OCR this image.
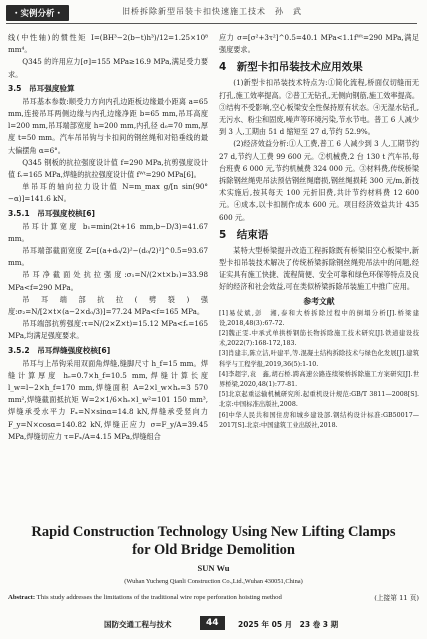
・实例分析・	旧桥拆除新型吊装卡扣快速施工技术　孙　武

线(中性轴)的惯性矩 I=(BH³−2(b−t)h³)/12=1.25×10⁸ mm⁴。

Q345 的许用应力[σ]=155 MPa≥16.9 MPa,满足受力要求。

3.5　吊耳强度验算

吊耳基本参数:顺受力方向内孔边距板边缘最小距离 a=65 mm,连接吊耳两侧边缘与内孔边缘净距 b=65 mm,吊耳高度 l=200 mm,吊耳端部宽度 h=200 mm,内孔径 d₀=70 mm,厚度 t=50 mm。汽车吊吊钩与卡扣间的钢丝绳和对铅垂线的最大偏摆角 α=6°。

Q345 钢板的抗拉强度设计值 f=290 MPa,抗剪强度设计值 fᵥ=165 MPa,焊缝的抗拉强度设计值 fᵂᵗ=290 MPa[6]。

单吊耳的轴向拉力设计值 N=m_max g/[n sin(90°−α)]=141.6 kN。

3.5.1　吊耳强度校核[6]

吊耳计算宽度 b₁=min(2t+16 mm,b−D/3)=41.67 mm。

吊耳端部截面宽度 Z=[(a+d₀/2)²−(d₀/2)²]^0.5=93.67 mm。

吊耳净截面处抗拉强度:σ₁=N/(2×t×b₁)=33.98 MPa<f=290 MPa。

吊耳端部抗拉(劈裂)强度:σ₂=N/[2×t×(a−2×d₀/3)]=77.24 MPa<f=165 MPa。

吊耳端部抗剪强度:τ=N/(2×Z×t)=15.12 MPa<fᵥ=165 MPa,均满足强度要求。

3.5.2　吊耳焊缝强度校核[6]

吊耳与上吊钩采用双面角焊缝,缝脚尺寸 h_f=15 mm。焊缝计算厚度 hₑ=0.7×h_f=10.5 mm,焊缝计算长度 l_w=l−2×h_f=170 mm,焊缝面积 A=2×l_w×hₑ=3 570 mm²,焊缝截面抵抗矩 W=2×1/6×hₑ×l_w²=101 150 mm³,焊缝承受水平力 Fₓ=N×sinα=14.8 kN,焊缝承受竖向力 F_y=N×cosα=140.82 kN,焊缝正应力 σ=F_y/A=39.45 MPa,焊缝切应力 τ=Fₓ/A=4.15 MPa,焊缝组合

应力 σ=[σ²+3τ²]^0.5=40.1 MPa<1.1fᵂᵗ=290 MPa,满足强度要求。

4　新型卡扣吊装技术应用效果

(1)新型卡扣吊装技术特点为:①简化流程,桥面仅切缝而无打孔,施工效率提高。②普工无钻孔,无侧向钢筋,施工效率提高。③结构不受影响,空心板梁安全性保持原有状态。④无湿水钻孔,无污水、粉尘和固废,噪声等环境污染,节水节电。普工 6 人减少到 3 人,工期由 51 d 缩短至 27 d,节约 52.9%。

(2)经济效益分析:①人工费,普工 6 人减少到 3 人,工期节约 27 d,节约人工费 99 600 元。②机械费,2 台 130 t 汽车吊,每台班费 6 000 元,节约机械费 324 000 元。③材料费,传统桥梁拆除钢丝绳兜吊法预估钢丝绳磨损,钢丝绳损耗 300 元/m,新技术实施后,按其每天 100 元折旧费,共计节约材料费 12 600 元。④成本,以卡扣制作成本 600 元。项目经济效益共计 435 600 元。

5　结束语

某特大型桥梁提升改造工程拆除既有桥梁旧空心板梁中,新型卡扣吊装技术解决了传统桥梁拆除钢丝绳兜吊法中的问题,经证实具有施工快捷、流程简便、安全可靠和绿色环保等特点及良好的经济和社会效益,可在类似桥梁拆除吊装施工中推广应用。

参考文献

[1]易仗斌,彭　湘,泰和大桥拆除过程中的倒塌分析[J].桥梁建设,2018,48(3):67-72.

[2]魏正雯.中承式单拱桥钢筋长物拆除施工技术研究[J].铁道建设技术,2022(7):168-172,183.

[3]肖建丰,陈立洁,叶建平,等.混凝土结构拆除技术与绿色化发展[J].建筑科学与工程学报,2019,36(5):1-10.

[4]李超宇,袁　鑫,胡石桥.跨高速公路连续梁桥拆除施工方案研究[J].世界桥梁,2020,48(1):77-81.

[5]北京起重运输机械研究所.起重机设计规范:GB/T 3811—2008[S].北京:中国标准出版社,2008.

[6]中华人民共和国住房和城乡建设部.钢结构设计标准:GB50017—2017[S].北京:中国建筑工业出版社,2018.

Rapid Construction Technology Using New Lifting Clamps
for Old Bridge Demolition
SUN Wu
(Wuhan Yucheng Qianli Construction Co.,Ltd.,Wuhan 430051,China)
(上接第 11 页)
Abstract: This study addresses the limitations of the traditional wire rope perforation hoisting method
国防交通工程与技术	44	2025 年 05 月　23 卷 3 期
